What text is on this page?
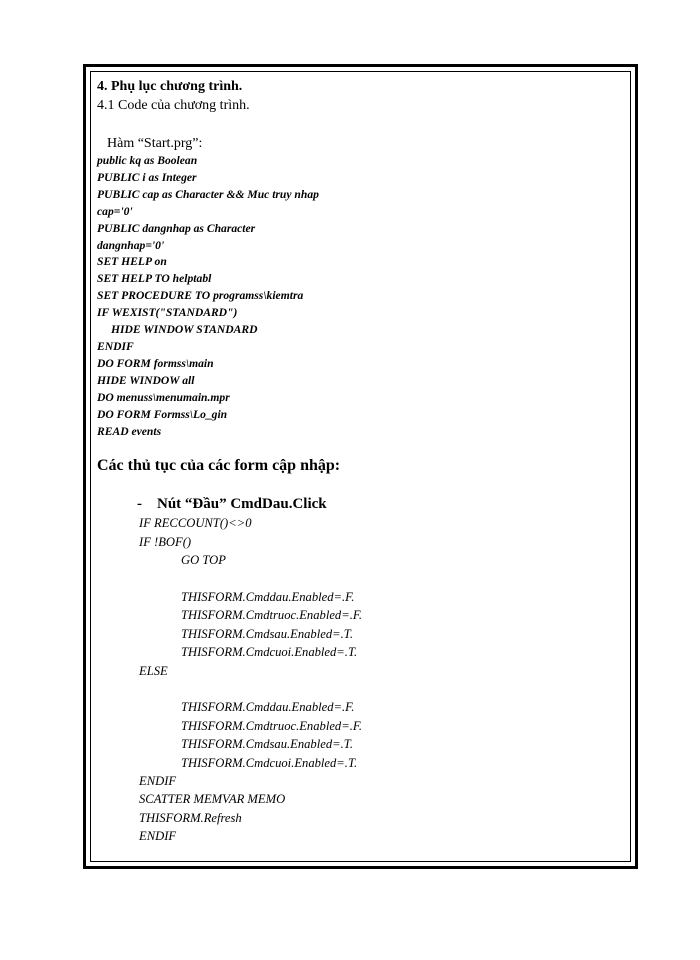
4. Phụ lục chương trình.
4.1 Code của chương trình.
Hàm “Start.prg”:
public kq as Boolean
PUBLIC i as Integer
PUBLIC cap as Character && Muc truy nhap
cap='0'
PUBLIC dangnhap as Character
dangnhap='0'
SET HELP on
SET HELP TO helptabl
SET PROCEDURE TO programss\kiemtra
IF WEXIST("STANDARD")
HIDE WINDOW STANDARD
ENDIF
DO FORM formss\main
HIDE WINDOW all
DO menuss\menumain.mpr
DO FORM Formss\Lo_gin
READ events
Các thủ tục của các form cập nhập:
- Nút “Đầu” CmdDau.Click
IF RECCOUNT()<>0
IF !BOF()
GO TOP
THISFORM.Cmddau.Enabled=.F.
THISFORM.Cmdtruoc.Enabled=.F.
THISFORM.Cmdsau.Enabled=.T.
THISFORM.Cmdcuoi.Enabled=.T.
ELSE
THISFORM.Cmddau.Enabled=.F.
THISFORM.Cmdtruoc.Enabled=.F.
THISFORM.Cmdsau.Enabled=.T.
THISFORM.Cmdcuoi.Enabled=.T.
ENDIF
SCATTER MEMVAR MEMO
THISFORM.Refresh
ENDIF
